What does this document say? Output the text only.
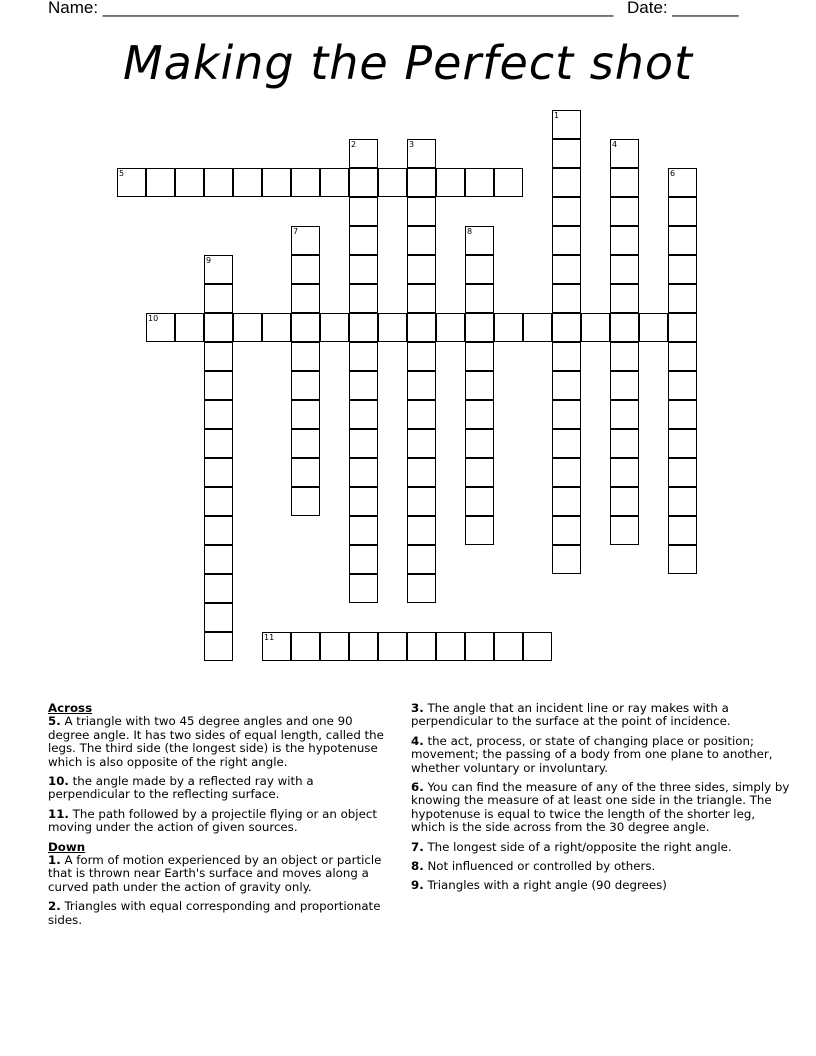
Name: ______________________________________________________ Date: _______
Making the Perfect shot
1
2	3	4
5	6
7	8
9
10
11
Across
5. A triangle with two 45 degree angles and one 90 degree angle. It has two sides of equal length, called the legs. The third side (the longest side) is the hypotenuse which is also opposite of the right angle.
10. the angle made by a reflected ray with a perpendicular to the reflecting surface.
11. The path followed by a projectile flying or an object moving under the action of given sources.
Down
1. A form of motion experienced by an object or particle that is thrown near Earth's surface and moves along a curved path under the action of gravity only.
2. Triangles with equal corresponding and proportionate sides.
3. The angle that an incident line or ray makes with a perpendicular to the surface at the point of incidence.
4. the act, process, or state of changing place or position; movement; the passing of a body from one plane to another, whether voluntary or involuntary.
6. You can find the measure of any of the three sides, simply by knowing the measure of at least one side in the triangle. The hypotenuse is equal to twice the length of the shorter leg, which is the side across from the 30 degree angle.
7. The longest side of a right/opposite the right angle.
8. Not influenced or controlled by others.
9. Triangles with a right angle (90 degrees)
